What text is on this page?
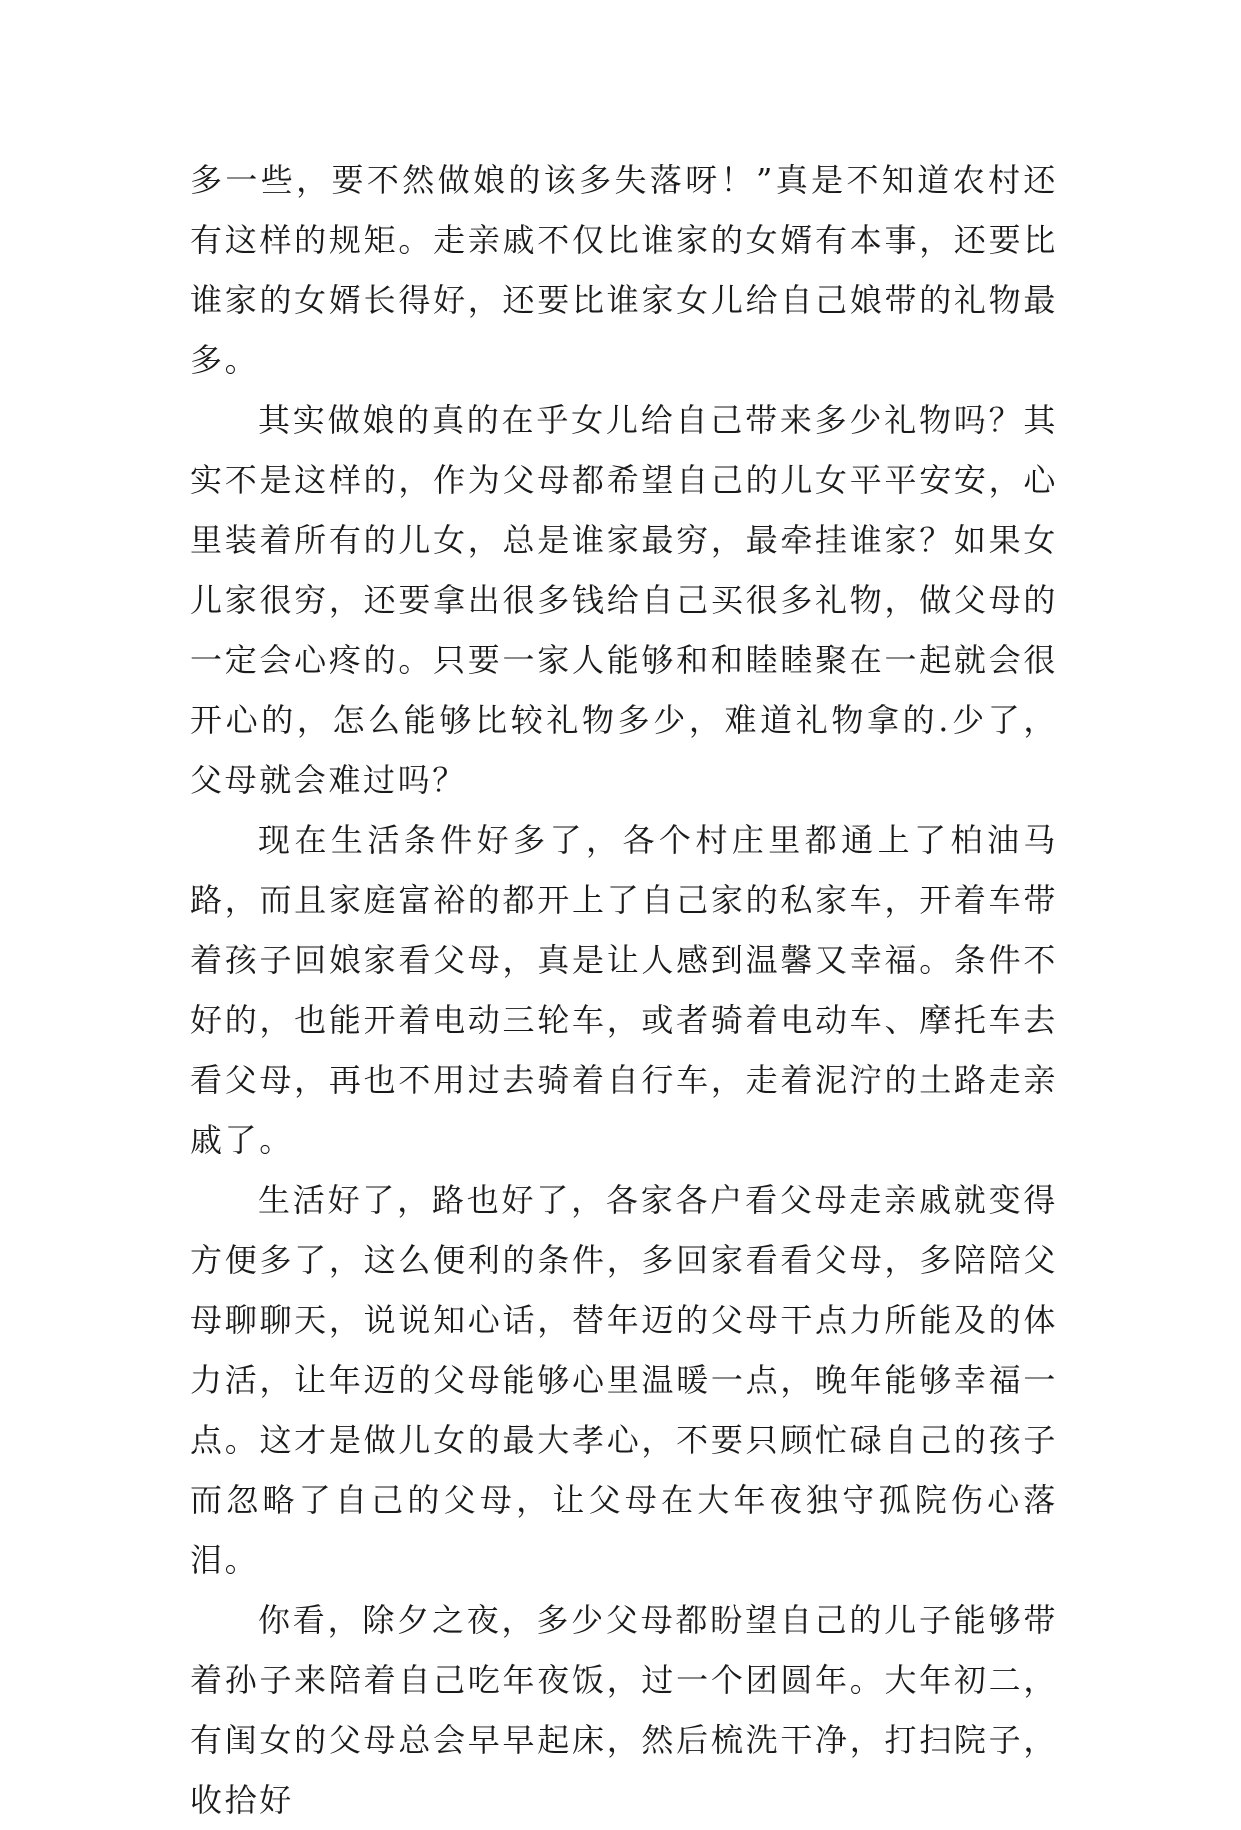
多一些，要不然做娘的该多失落呀！”真是不知道农村还有这样的规矩。走亲戚不仅比谁家的女婿有本事，还要比谁家的女婿长得好，还要比谁家女儿给自己娘带的礼物最多。

其实做娘的真的在乎女儿给自己带来多少礼物吗？其实不是这样的，作为父母都希望自己的儿女平平安安，心里装着所有的儿女，总是谁家最穷，最牵挂谁家？如果女儿家很穷，还要拿出很多钱给自己买很多礼物，做父母的一定会心疼的。只要一家人能够和和睦睦聚在一起就会很开心的，怎么能够比较礼物多少，难道礼物拿的.少了，父母就会难过吗？

现在生活条件好多了，各个村庄里都通上了柏油马路，而且家庭富裕的都开上了自己家的私家车，开着车带着孩子回娘家看父母，真是让人感到温馨又幸福。条件不好的，也能开着电动三轮车，或者骑着电动车、摩托车去看父母，再也不用过去骑着自行车，走着泥泞的土路走亲戚了。

生活好了，路也好了，各家各户看父母走亲戚就变得方便多了，这么便利的条件，多回家看看父母，多陪陪父母聊聊天，说说知心话，替年迈的父母干点力所能及的体力活，让年迈的父母能够心里温暖一点，晚年能够幸福一点。这才是做儿女的最大孝心，不要只顾忙碌自己的孩子而忽略了自己的父母，让父母在大年夜独守孤院伤心落泪。

你看，除夕之夜，多少父母都盼望自己的儿子能够带着孙子来陪着自己吃年夜饭，过一个团圆年。大年初二，有闺女的父母总会早早起床，然后梳洗干净，打扫院子，收拾好
